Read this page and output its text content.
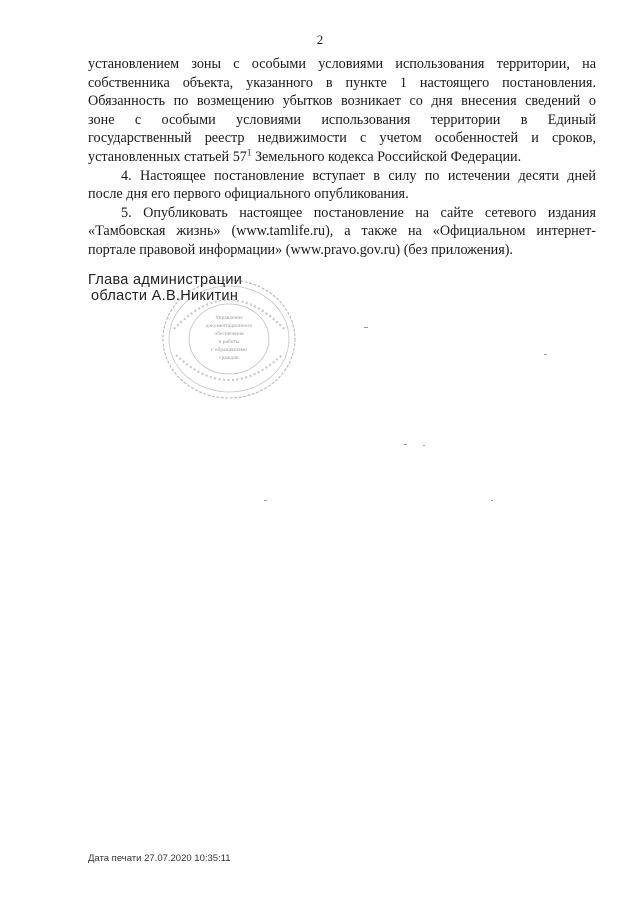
2

установлением зоны с особыми условиями использования территории, на
собственника объекта, указанного в пункте 1 настоящего постановления.
Обязанность по возмещению убытков возникает со дня внесения сведений о
зоне с особыми условиями использования территории в Единый
государственный реестр недвижимости с учетом особенностей и сроков,
установленных статьей $57^1$ Земельного кодекса Российской Федерации.

4. Настоящее постановление вступает в силу по истечении десяти дней
после дня его первого официального опубликования.

5. Опубликовать настоящее постановление на сайте сетевого издания
«Тамбовская жизнь» (www.tamlife.ru), а также на «Официальном интернет-
портале правовой информации» (www.pravo.gov.ru) (без приложения).

Управление
документационного
обеспечения
и работы
с обращениями
граждан
Глава администрации
области А.В.Никитин
Дата печати 27.07.2020 10:35:11
